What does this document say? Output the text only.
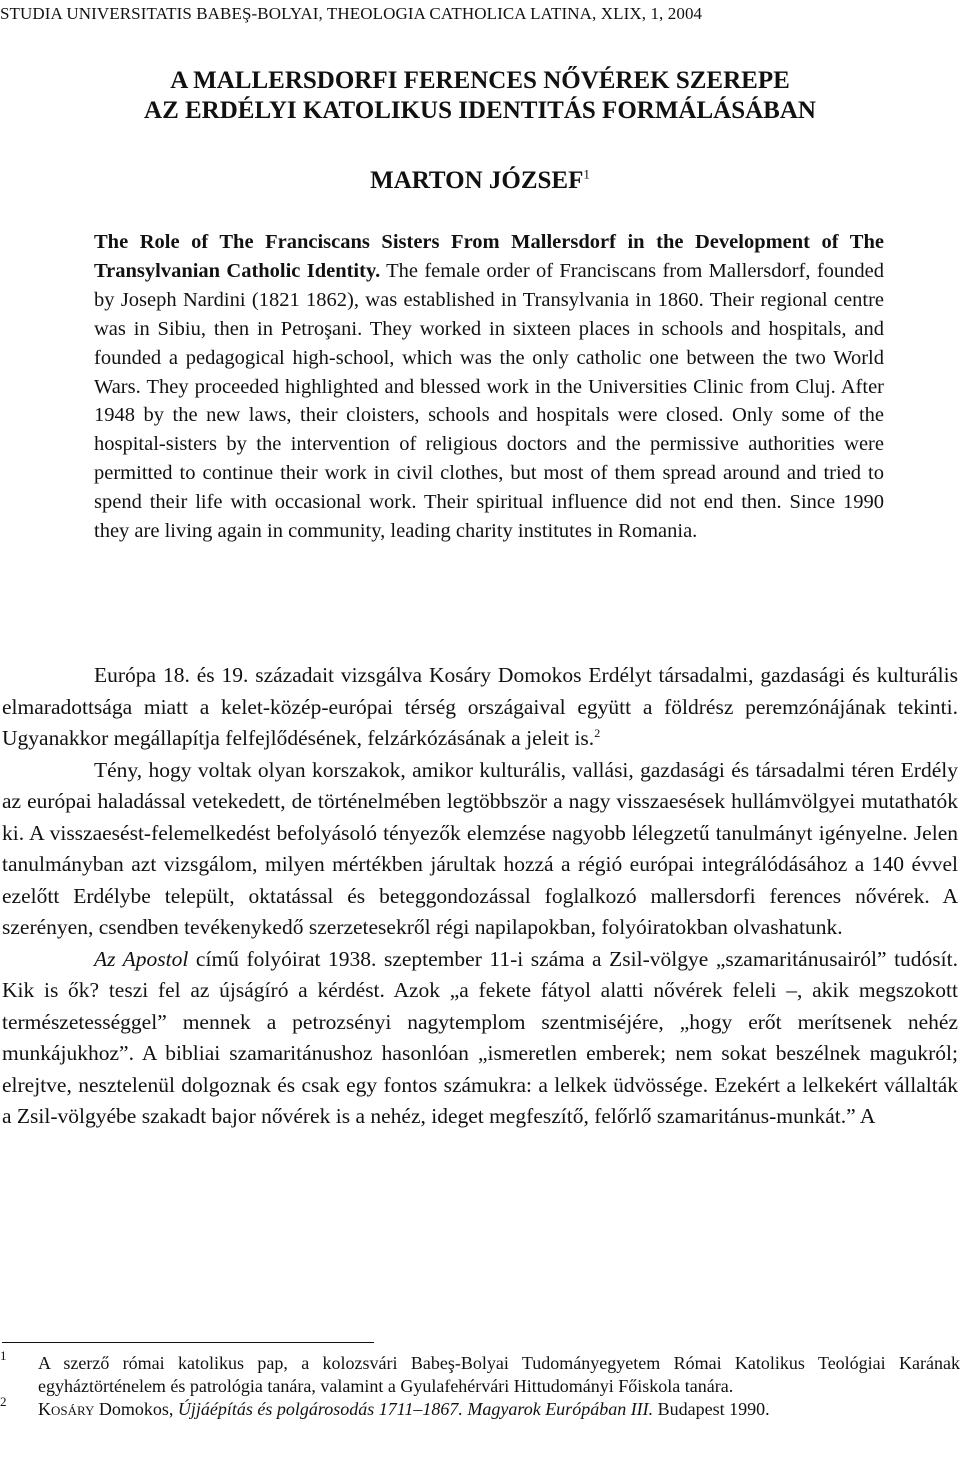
STUDIA UNIVERSITATIS BABEŞ-BOLYAI, THEOLOGIA CATHOLICA LATINA, XLIX, 1, 2004
A MALLERSDORFI FERENCES NŐVÉREK SZEREPE
AZ ERDÉLYI KATOLIKUS IDENTITÁS FORMÁLÁSÁBAN
MARTON JÓZSEF$^1$
The Role of The Franciscans Sisters From Mallersdorf in the Development of The Transylvanian Catholic Identity. The female order of Franciscans from Mallersdorf, founded by Joseph Nardini (1821 1862), was established in Transylvania in 1860. Their regional centre was in Sibiu, then in Petroşani. They worked in sixteen places in schools and hospitals, and founded a pedagogical high-school, which was the only catholic one between the two World Wars. They proceeded highlighted and blessed work in the Universities Clinic from Cluj. After 1948 by the new laws, their cloisters, schools and hospitals were closed. Only some of the hospital-sisters by the intervention of religious doctors and the permissive authorities were permitted to continue their work in civil clothes, but most of them spread around and tried to spend their life with occasional work. Their spiritual influence did not end then. Since 1990 they are living again in community, leading charity institutes in Romania.

Európa 18. és 19. századait vizsgálva Kosáry Domokos Erdélyt társadalmi, gazdasági és kulturális elmaradottsága miatt a kelet-közép-európai térség országaival együtt a földrész peremzónájának tekinti. Ugyanakkor megállapítja felfejlődésének, felzárkózásának a jeleit is.$^2$

Tény, hogy voltak olyan korszakok, amikor kulturális, vallási, gazdasági és társadalmi téren Erdély az európai haladással vetekedett, de történelmében legtöbbször a nagy visszaesések hullámvölgyei mutathatók ki. A visszaesést-felemelkedést befolyásoló tényezők elemzése nagyobb lélegzetű tanulmányt igényelne. Jelen tanulmányban azt vizsgálom, milyen mértékben járultak hozzá a régió európai integrálódásához a 140 évvel ezelőtt Erdélybe települt, oktatással és beteggondozással foglalkozó mallersdorfi ferences nővérek. A szerényen, csendben tevékenykedő szerzetesekről régi napilapokban, folyóiratokban olvashatunk.

Az Apostol című folyóirat 1938. szeptember 11-i száma a Zsil-völgye „szamaritánusairól” tudósít. Kik is ők? teszi fel az újságíró a kérdést. Azok „a fekete fátyol alatti nővérek feleli –, akik megszokott természetességgel” mennek a petrozsényi nagytemplom szentmiséjére, „hogy erőt merítsenek nehéz munkájukhoz”. A bibliai szamaritánushoz hasonlóan „ismeretlen emberek; nem sokat beszélnek magukról; elrejtve, nesztelenül dolgoznak és csak egy fontos számukra: a lelkek üdvössége. Ezekért a lelkekért vállalták a Zsil-völgyébe szakadt bajor nővérek is a nehéz, ideget megfeszítő, felőrlő szamaritánus-munkát.” A

1 A szerző római katolikus pap, a kolozsvári Babeş-Bolyai Tudományegyetem Római Katolikus Teológiai Karának egyháztörténelem és patrológia tanára, valamint a Gyulafehérvári Hittudományi Főiskola tanára.
2 Kosáry Domokos, Újjáépítás és polgárosodás 1711–1867. Magyarok Európában III. Budapest 1990.
